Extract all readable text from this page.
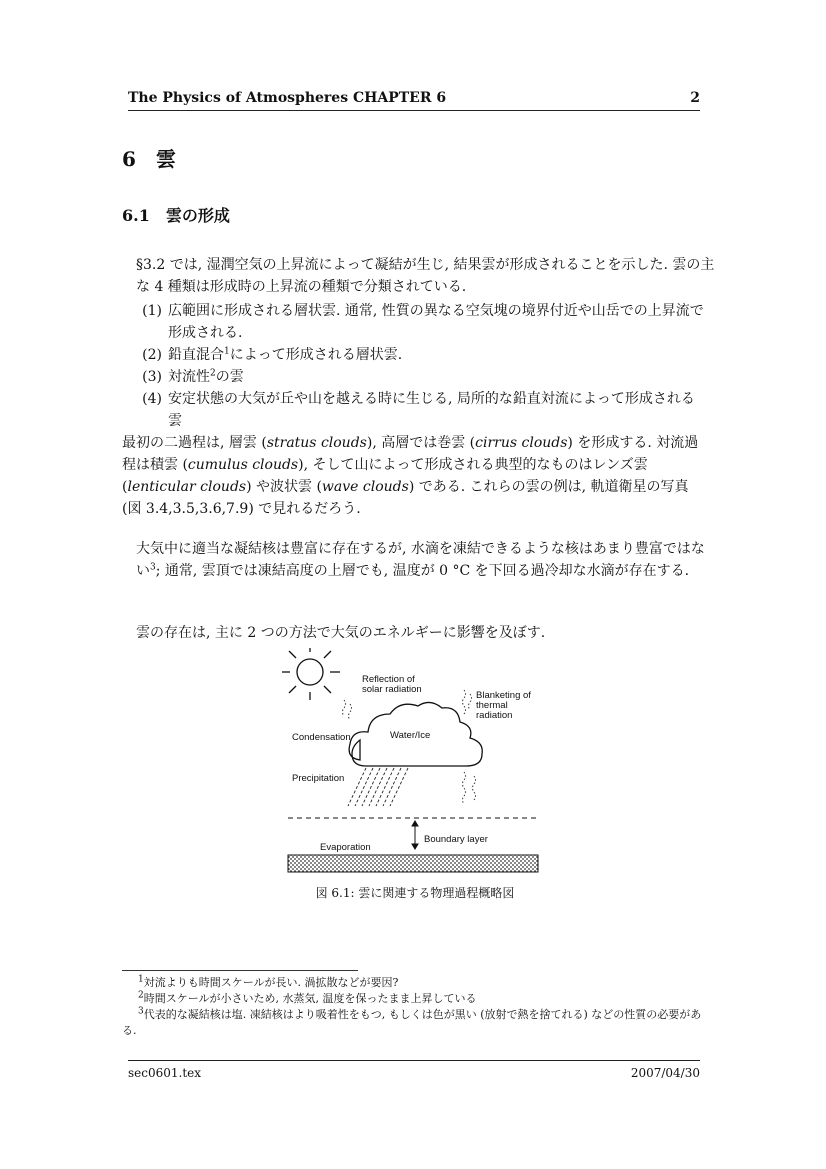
The Physics of Atmospheres CHAPTER 6	2
6　雲
6.1　雲の形成
§3.2 では, 湿潤空気の上昇流によって凝結が生じ, 結果雲が形成されることを示した. 雲の主な 4 種類は形成時の上昇流の種類で分類されている.
(1) 広範囲に形成される層状雲. 通常, 性質の異なる空気塊の境界付近や山岳での上昇流で形成される.
(2) 鉛直混合$^1$によって形成される層状雲.
(3) 対流性$^2$の雲
(4) 安定状態の大気が丘や山を越える時に生じる, 局所的な鉛直対流によって形成される雲
最初の二過程は, 層雲 (stratus clouds), 高層では巻雲 (cirrus clouds) を形成する. 対流過程は積雲 (cumulus clouds), そして山によって形成される典型的なものはレンズ雲 (lenticular clouds) や波状雲 (wave clouds) である. これらの雲の例は, 軌道衛星の写真 (図 3.4,3.5,3.6,7.9) で見れるだろう.
大気中に適当な凝結核は豊富に存在するが, 水滴を凍結できるような核はあまり豊富ではない$^3$; 通常, 雲頂では凍結高度の上層でも, 温度が 0 °C を下回る過冷却な水滴が存在する.
雲の存在は, 主に 2 つの方法で大気のエネルギーに影響を及ぼす.
Reflection of
solar radiation
Blanketing of
thermal
radiation
Water/Ice
Condensation
Precipitation
Boundary layer
Evaporation
図 6.1: 雲に関連する物理過程概略図
$^1$対流よりも時間スケールが長い. 渦拡散などが要因?
$^2$時間スケールが小さいため, 水蒸気, 温度を保ったまま上昇している
$^3$代表的な凝結核は塩. 凍結核はより吸着性をもつ, もしくは色が黒い (放射で熱を捨てれる) などの性質の必要がある.
sec0601.tex	2007/04/30
